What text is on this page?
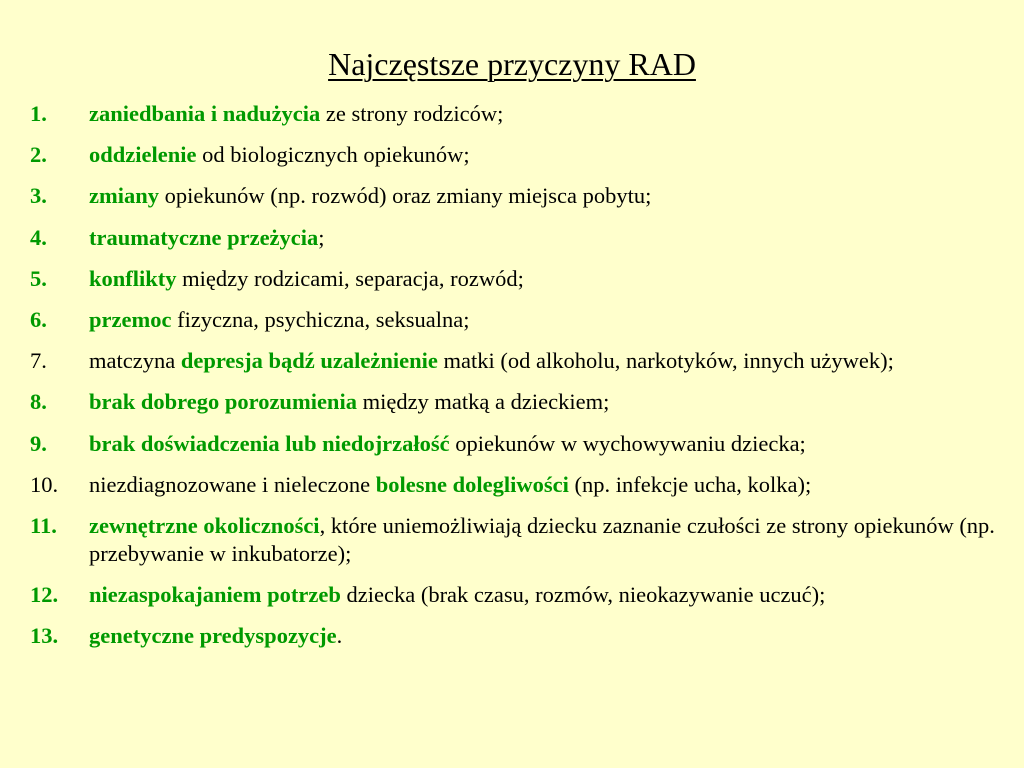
Najczęstsze przyczyny RAD
1. zaniedbania i nadużycia ze strony rodziców;
2. oddzielenie od biologicznych opiekunów;
3. zmiany opiekunów (np. rozwód) oraz zmiany miejsca pobytu;
4. traumatyczne przeżycia;
5. konflikty między rodzicami, separacja, rozwód;
6. przemoc fizyczna, psychiczna, seksualna;
7. matczyna depresja bądź uzależnienie matki (od alkoholu, narkotyków, innych używek);
8. brak dobrego porozumienia między matką a dzieckiem;
9. brak doświadczenia lub niedojrzałość opiekunów w wychowywaniu dziecka;
10. niezdiagnozowane i nieleczone bolesne dolegliwości (np. infekcje ucha, kolka);
11. zewnętrzne okoliczności, które uniemożliwiają dziecku zaznanie czułości ze strony opiekunów (np. przebywanie w inkubatorze);
12. niezaspokajaniem potrzeb dziecka (brak czasu, rozmów, nieokazywanie uczuć);
13. genetyczne predyspozycje.
